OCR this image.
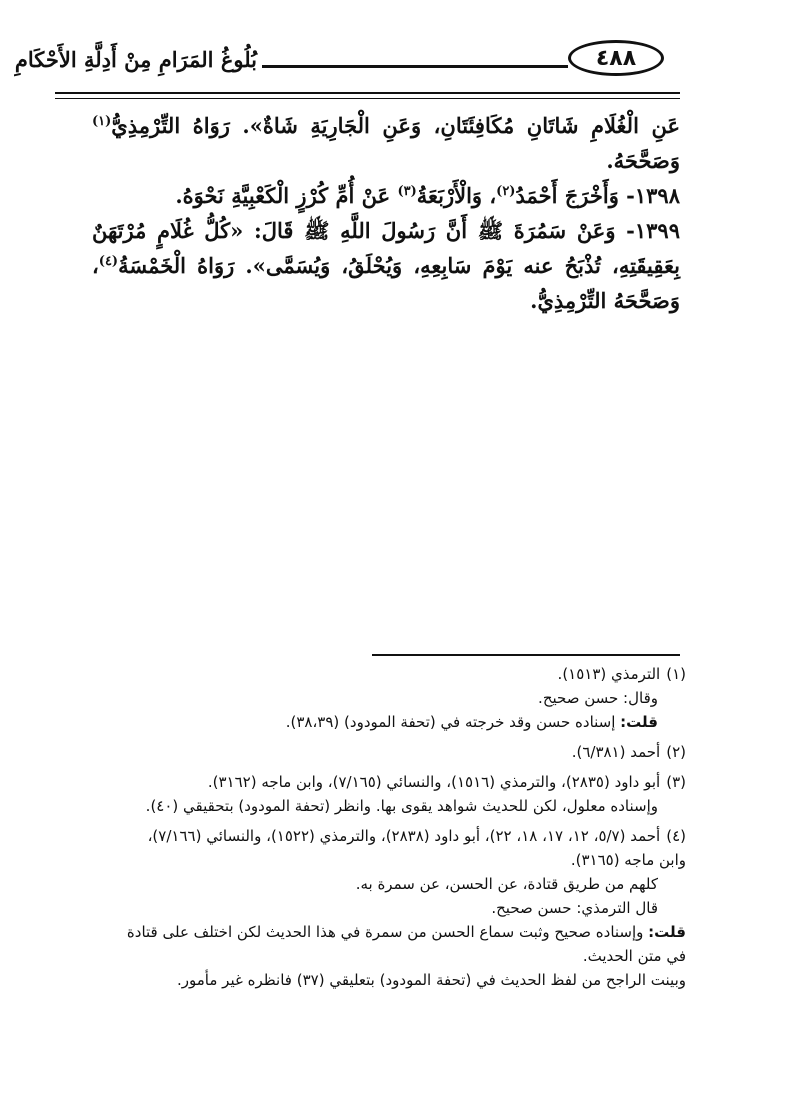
٤٨٨
بُلُوغُ المَرَامِ مِنْ أَدِلَّةِ الأَحْكَامِ

عَنِ الْغُلَامِ شَاتَانِ مُكَافِئَتَانِ، وَعَنِ الْجَارِيَةِ شَاةٌ». رَوَاهُ التِّرْمِذِيُّ$^{(١)}$ وَصَحَّحَهُ.

١٣٩٨- وَأَخْرَجَ أَحْمَدُ$^{(٢)}$، وَالْأَرْبَعَةُ$^{(٣)}$ عَنْ أُمِّ كُرْزٍ الْكَعْبِيَّةِ نَحْوَهُ.

١٣٩٩- وَعَنْ سَمُرَةَ ﷺ أَنَّ رَسُولَ اللَّهِ ﷺ قَالَ: «كُلُّ غُلَامٍ مُرْتَهَنٌ بِعَقِيقَتِهِ، تُذْبَحُ عنه يَوْمَ سَابِعِهِ، وَيُحْلَقُ، وَيُسَمَّى». رَوَاهُ الْخَمْسَةُ$^{(٤)}$، وَصَحَّحَهُ التِّرْمِذِيُّ.

(١)الترمذي (١٥١٣).

وقال: حسن صحيح.

قلت: إسناده حسن وقد خرجته في (تحفة المودود) (٣٨،٣٩).

(٢)أحمد (٦/٣٨١).

(٣)أبو داود (٢٨٣٥)، والترمذي (١٥١٦)، والنسائي (٧/١٦٥)، وابن ماجه (٣١٦٢).

وإسناده معلول، لكن للحديث شواهد يقوى بها. وانظر (تحفة المودود) بتحقيقي (٤٠).

(٤)أحمد (٥/٧، ١٢، ١٧، ١٨، ٢٢)، أبو داود (٢٨٣٨)، والترمذي (١٥٢٢)، والنسائي (٧/١٦٦)، وابن ماجه (٣١٦٥).

كلهم من طريق قتادة، عن الحسن، عن سمرة به.

قال الترمذي: حسن صحيح.

قلت: وإسناده صحيح وثبت سماع الحسن من سمرة في هذا الحديث لكن اختلف على قتادة في متن الحديث.

وبينت الراجح من لفظ الحديث في (تحفة المودود) بتعليقي (٣٧) فانظره غير مأمور.
